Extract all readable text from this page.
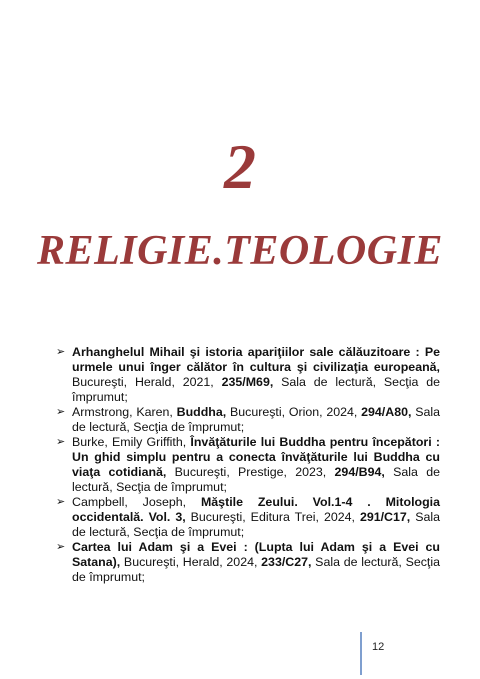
2
RELIGIE.TEOLOGIE
➢ Arhanghelul Mihail şi istoria apariţiilor sale călăuzitoare : Pe urmele unui înger călător în cultura şi civilizaţia europeană, Bucureşti, Herald, 2021, 235/M69, Sala de lectură, Secţia de împrumut;
➢ Armstrong, Karen, Buddha, Bucureşti, Orion, 2024, 294/A80, Sala de lectură, Secţia de împrumut;
➢ Burke, Emily Griffith, Învăţăturile lui Buddha pentru începători : Un ghid simplu pentru a conecta învăţăturile lui Buddha cu viaţa cotidiană, Bucureşti, Prestige, 2023, 294/B94, Sala de lectură, Secţia de împrumut;
➢ Campbell, Joseph, Măştile Zeului. Vol.1-4 . Mitologia occidentală. Vol. 3, Bucureşti, Editura Trei, 2024, 291/C17, Sala de lectură, Secţia de împrumut;
➢ Cartea lui Adam şi a Evei : (Lupta lui Adam şi a Evei cu Satana), Bucureşti, Herald, 2024, 233/C27, Sala de lectură, Secţia de împrumut;
12
